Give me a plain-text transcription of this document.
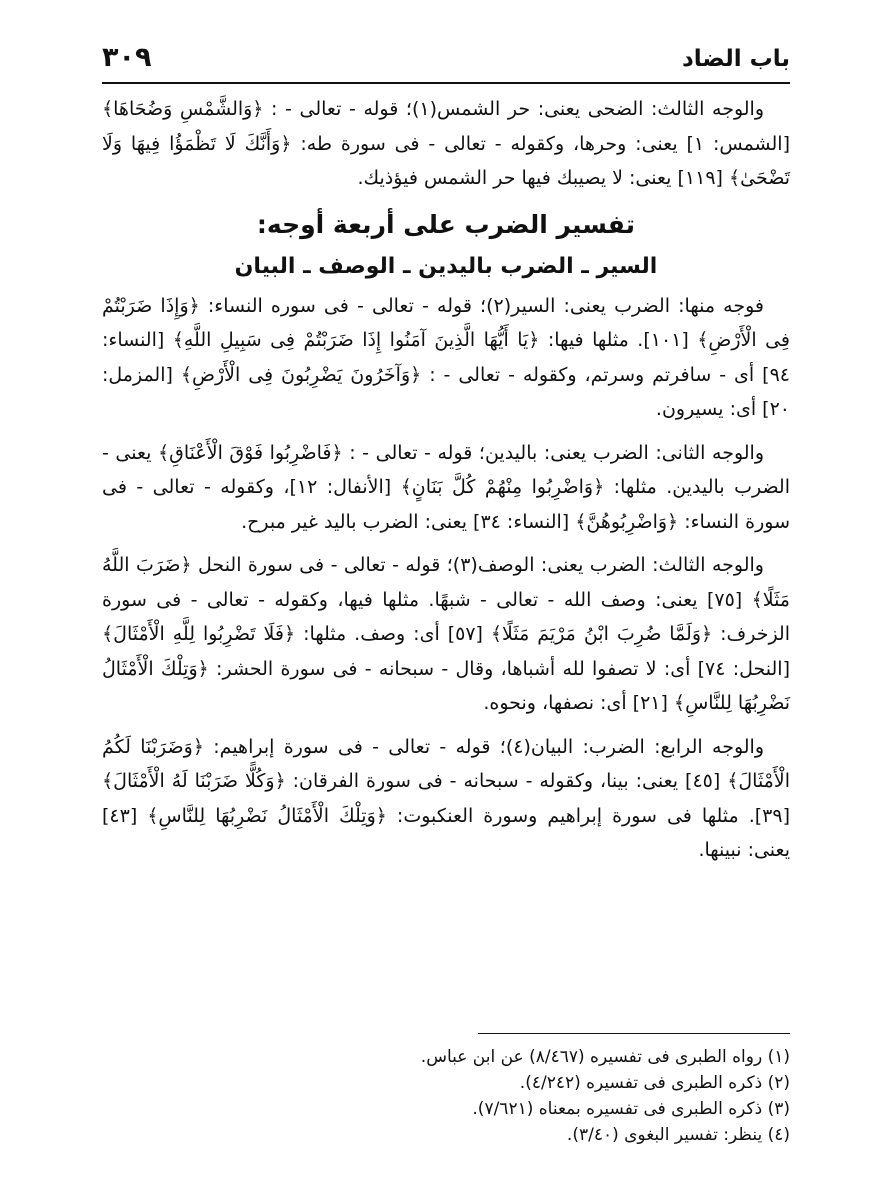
باب الضاد
٣٠٩

والوجه الثالث: الضحى يعنى: حر الشمس(١)؛ قوله - تعالى - : ﴿وَالشَّمْسِ وَضُحَاهَا﴾ [الشمس: ١] يعنى: وحرها، وكقوله - تعالى - فى سورة طه: ﴿وَأَنَّكَ لَا تَظْمَؤُا فِيهَا وَلَا تَضْحَىٰ﴾ [١١٩] يعنى: لا يصيبك فيها حر الشمس فيؤذيك.

تفسير الضرب على أربعة أوجه:

السير ـ الضرب باليدين ـ الوصف ـ البيان

فوجه منها: الضرب يعنى: السير(٢)؛ قوله - تعالى - فى سوره النساء: ﴿وَإِذَا ضَرَبْتُمْ فِى الْأَرْضِ﴾ [١٠١]. مثلها فيها: ﴿يَا أَيُّهَا الَّذِينَ آمَنُوا إِذَا ضَرَبْتُمْ فِى سَبِيلِ اللَّهِ﴾ [النساء: ٩٤] أى - سافرتم وسرتم، وكقوله - تعالى - : ﴿وَآخَرُونَ يَضْرِبُونَ فِى الْأَرْضِ﴾ [المزمل: ٢٠] أى: يسيرون.

والوجه الثانى: الضرب يعنى: باليدين؛ قوله - تعالى - : ﴿فَاضْرِبُوا فَوْقَ الْأَعْنَاقِ﴾ يعنى - الضرب باليدين. مثلها: ﴿وَاضْرِبُوا مِنْهُمْ كُلَّ بَنَانٍ﴾ [الأنفال: ١٢]، وكقوله - تعالى - فى سورة النساء: ﴿وَاضْرِبُوهُنَّ﴾ [النساء: ٣٤] يعنى: الضرب باليد غير مبرح.

والوجه الثالث: الضرب يعنى: الوصف(٣)؛ قوله - تعالى - فى سورة النحل ﴿ضَرَبَ اللَّهُ مَثَلًا﴾ [٧٥] يعنى: وصف الله - تعالى - شبهًا. مثلها فيها، وكقوله - تعالى - فى سورة الزخرف: ﴿وَلَمَّا ضُرِبَ ابْنُ مَرْيَمَ مَثَلًا﴾ [٥٧] أى: وصف. مثلها: ﴿فَلَا تَضْرِبُوا لِلَّهِ الْأَمْثَالَ﴾ [النحل: ٧٤] أى: لا تصفوا لله أشباها، وقال - سبحانه - فى سورة الحشر: ﴿وَتِلْكَ الْأَمْثَالُ نَضْرِبُهَا لِلنَّاسِ﴾ [٢١] أى: نصفها، ونحوه.

والوجه الرابع: الضرب: البيان(٤)؛ قوله - تعالى - فى سورة إبراهيم: ﴿وَضَرَبْنَا لَكُمُ الْأَمْثَالَ﴾ [٤٥] يعنى: بينا، وكقوله - سبحانه - فى سورة الفرقان: ﴿وَكُلًّا ضَرَبْنَا لَهُ الْأَمْثَالَ﴾ [٣٩]. مثلها فى سورة إبراهيم وسورة العنكبوت: ﴿وَتِلْكَ الْأَمْثَالُ نَضْرِبُهَا لِلنَّاسِ﴾ [٤٣] يعنى: نبينها.

(١) رواه الطبرى فى تفسيره (٨/٤٦٧) عن ابن عباس.

(٢) ذكره الطبرى فى تفسيره (٤/٢٤٢).

(٣) ذكره الطبرى فى تفسيره بمعناه (٧/٦٢١).

(٤) ينظر: تفسير البغوى (٣/٤٠).
